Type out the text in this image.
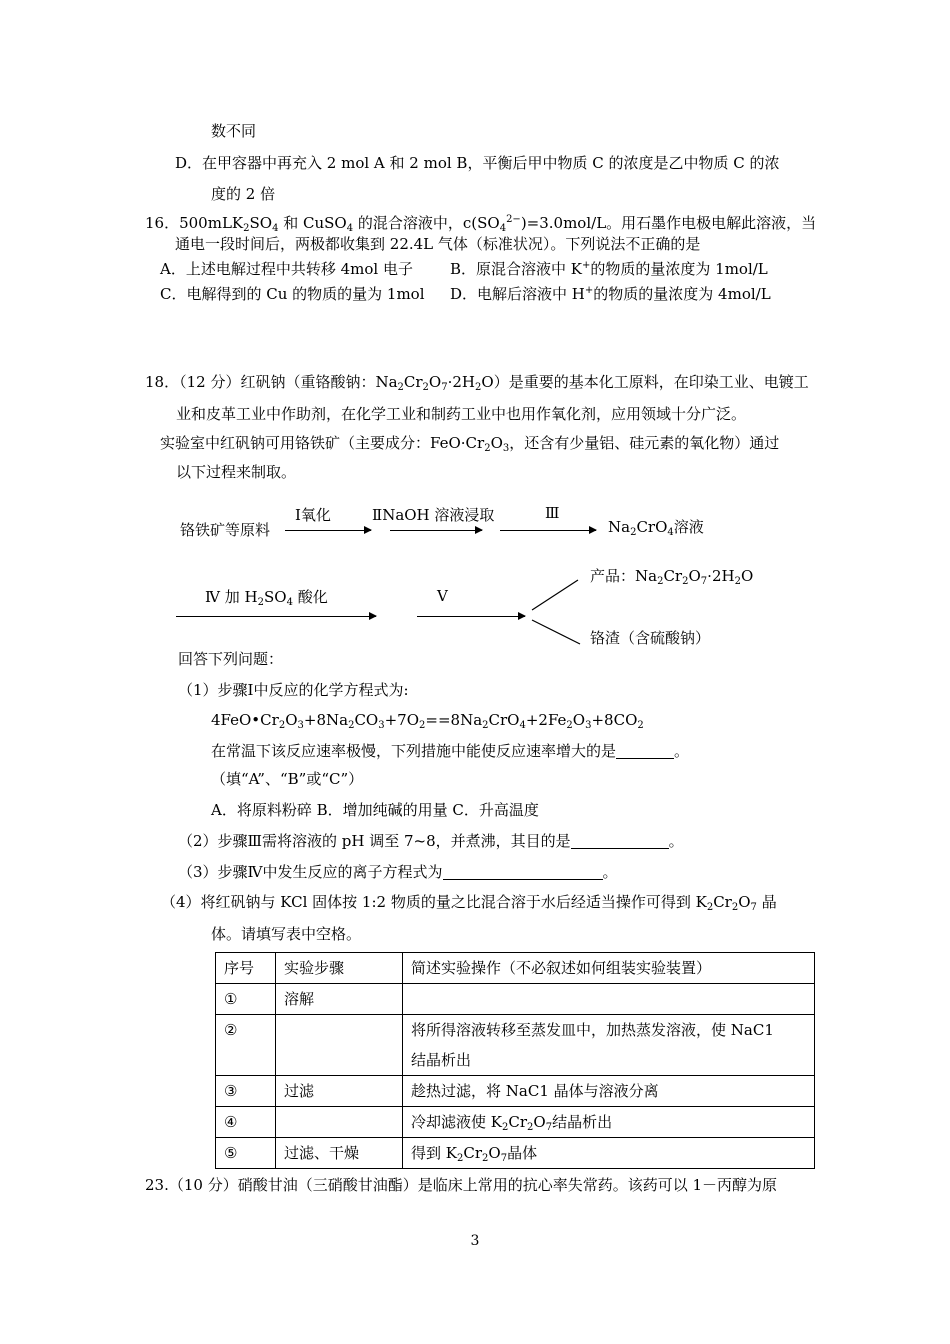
数不同
D．在甲容器中再充入 2 mol A 和 2 mol B，平衡后甲中物质 C 的浓度是乙中物质 C 的浓
度的 2 倍
16．$500mLK_2SO_4$ 和 CuSO$_4$ 的混合溶液中，$c(SO_4^{2-})=3.0mol/L$。用石墨作电极电解此溶液，当
通电一段时间后，两极都收集到 22.4L 气体（标准状况）。下列说法不正确的是
A．上述电解过程中共转移 4mol 电子 B．原混合溶液中 K+的物质的量浓度为 1mol/L
C．电解得到的 Cu 的物质的量为 1mol D．电解后溶液中 H+的物质的量浓度为 4mol/L
18．（12 分）红矾钠（重铬酸钠：$Na_2Cr_2O_7\cdot 2H_2O$）是重要的基本化工原料，在印染工业、电镀工
业和皮革工业中作助剂，在化学工业和制药工业中也用作氧化剂，应用领域十分广泛。
实验室中红矾钠可用铬铁矿（主要成分：$FeO\cdot Cr_2O_3$，还含有少量铝、硅元素的氧化物）通过
以下过程来制取。
铬铁矿等原料
Ⅰ氧化	ⅡNaOH 溶液浸取	Ⅲ
$Na_2CrO_4$溶液
Ⅳ 加 $H_2SO_4$ 酸化	Ⅴ
产品：$Na_2Cr_2O_7\cdot 2H_2O$
铬渣（含硫酸钠）
回答下列问题：
（1）步骤Ⅰ中反应的化学方程式为:
$4FeO•Cr_2O_3+8Na_2CO_3+7O_2==8Na_2CrO_4+2Fe_2O_3+8CO_2$
在常温下该反应速率极慢，下列措施中能使反应速率增大的是	。
（填“A”、“B”或“C”）
A．将原料粉碎 B．增加纯碱的用量 C．升高温度
（2）步骤Ⅲ需将溶液的 pH 调至 7~8，并煮沸，其目的是	。
（3）步骤Ⅳ中发生反应的离子方程式为	。
（4）将红矾钠与 KCl 固体按 1:2 物质的量之比混合溶于水后经适当操作可得到 $K_2Cr_2O_7$ 晶
体。请填写表中空格。
序号	实验步骤	简述实验操作（不必叙述如何组装实验装置）
①	溶解	
②		将所得溶液转移至蒸发皿中，加热蒸发溶液，使 NaC1
结晶析出

③	过滤	趁热过滤，将 NaC1 晶体与溶液分离
④		冷却滤液使 $K_2Cr_2O_7$结晶析出
⑤	过滤、干燥	得到 $K_2Cr_2O_7$晶体
23.（10 分）硝酸甘油（三硝酸甘油酯）是临床上常用的抗心率失常药。该药可以 1－丙醇为原
3
